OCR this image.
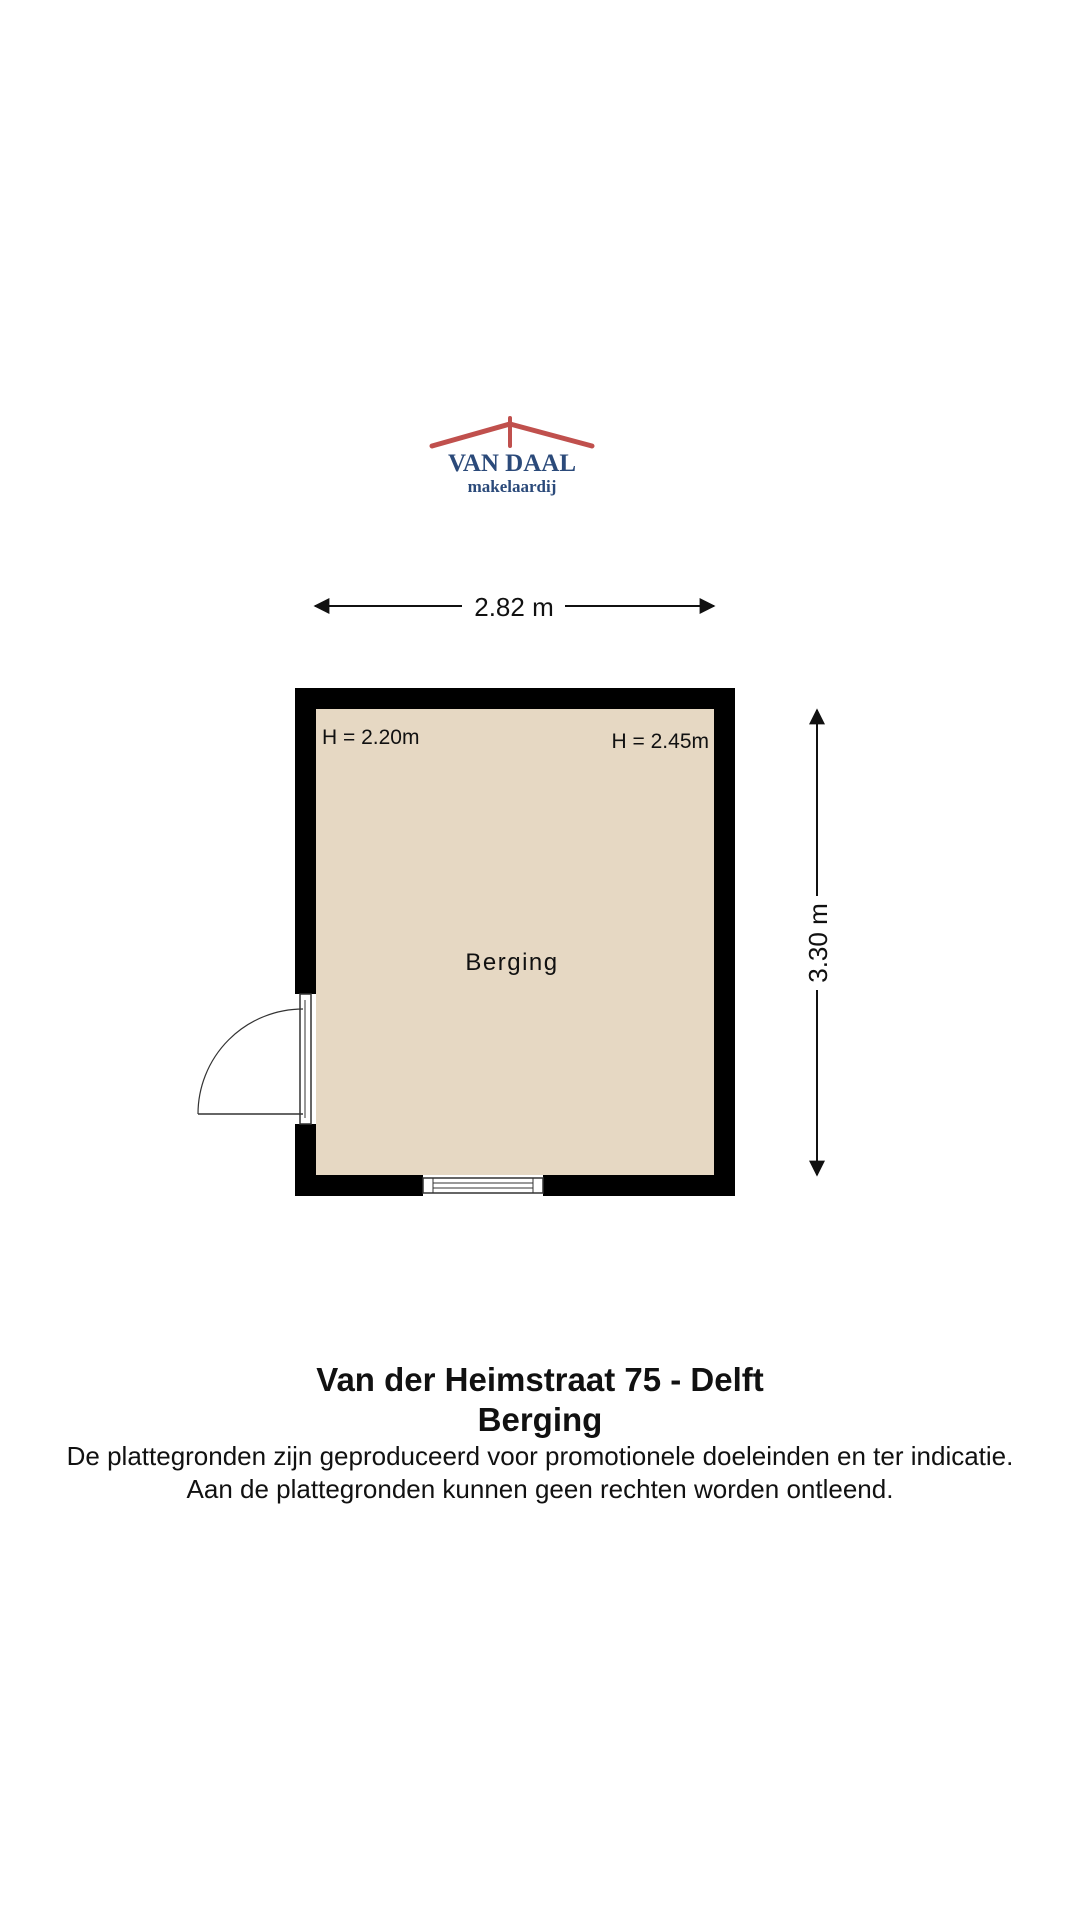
VAN DAAL
makelaardij
2.82 m
3.30 m
H = 2.20m	H = 2.45m
Berging

Van der Heimstraat 75 - Delft

Berging

De plattegronden zijn geproduceerd voor promotionele doeleinden en ter indicatie.

Aan de plattegronden kunnen geen rechten worden ontleend.
